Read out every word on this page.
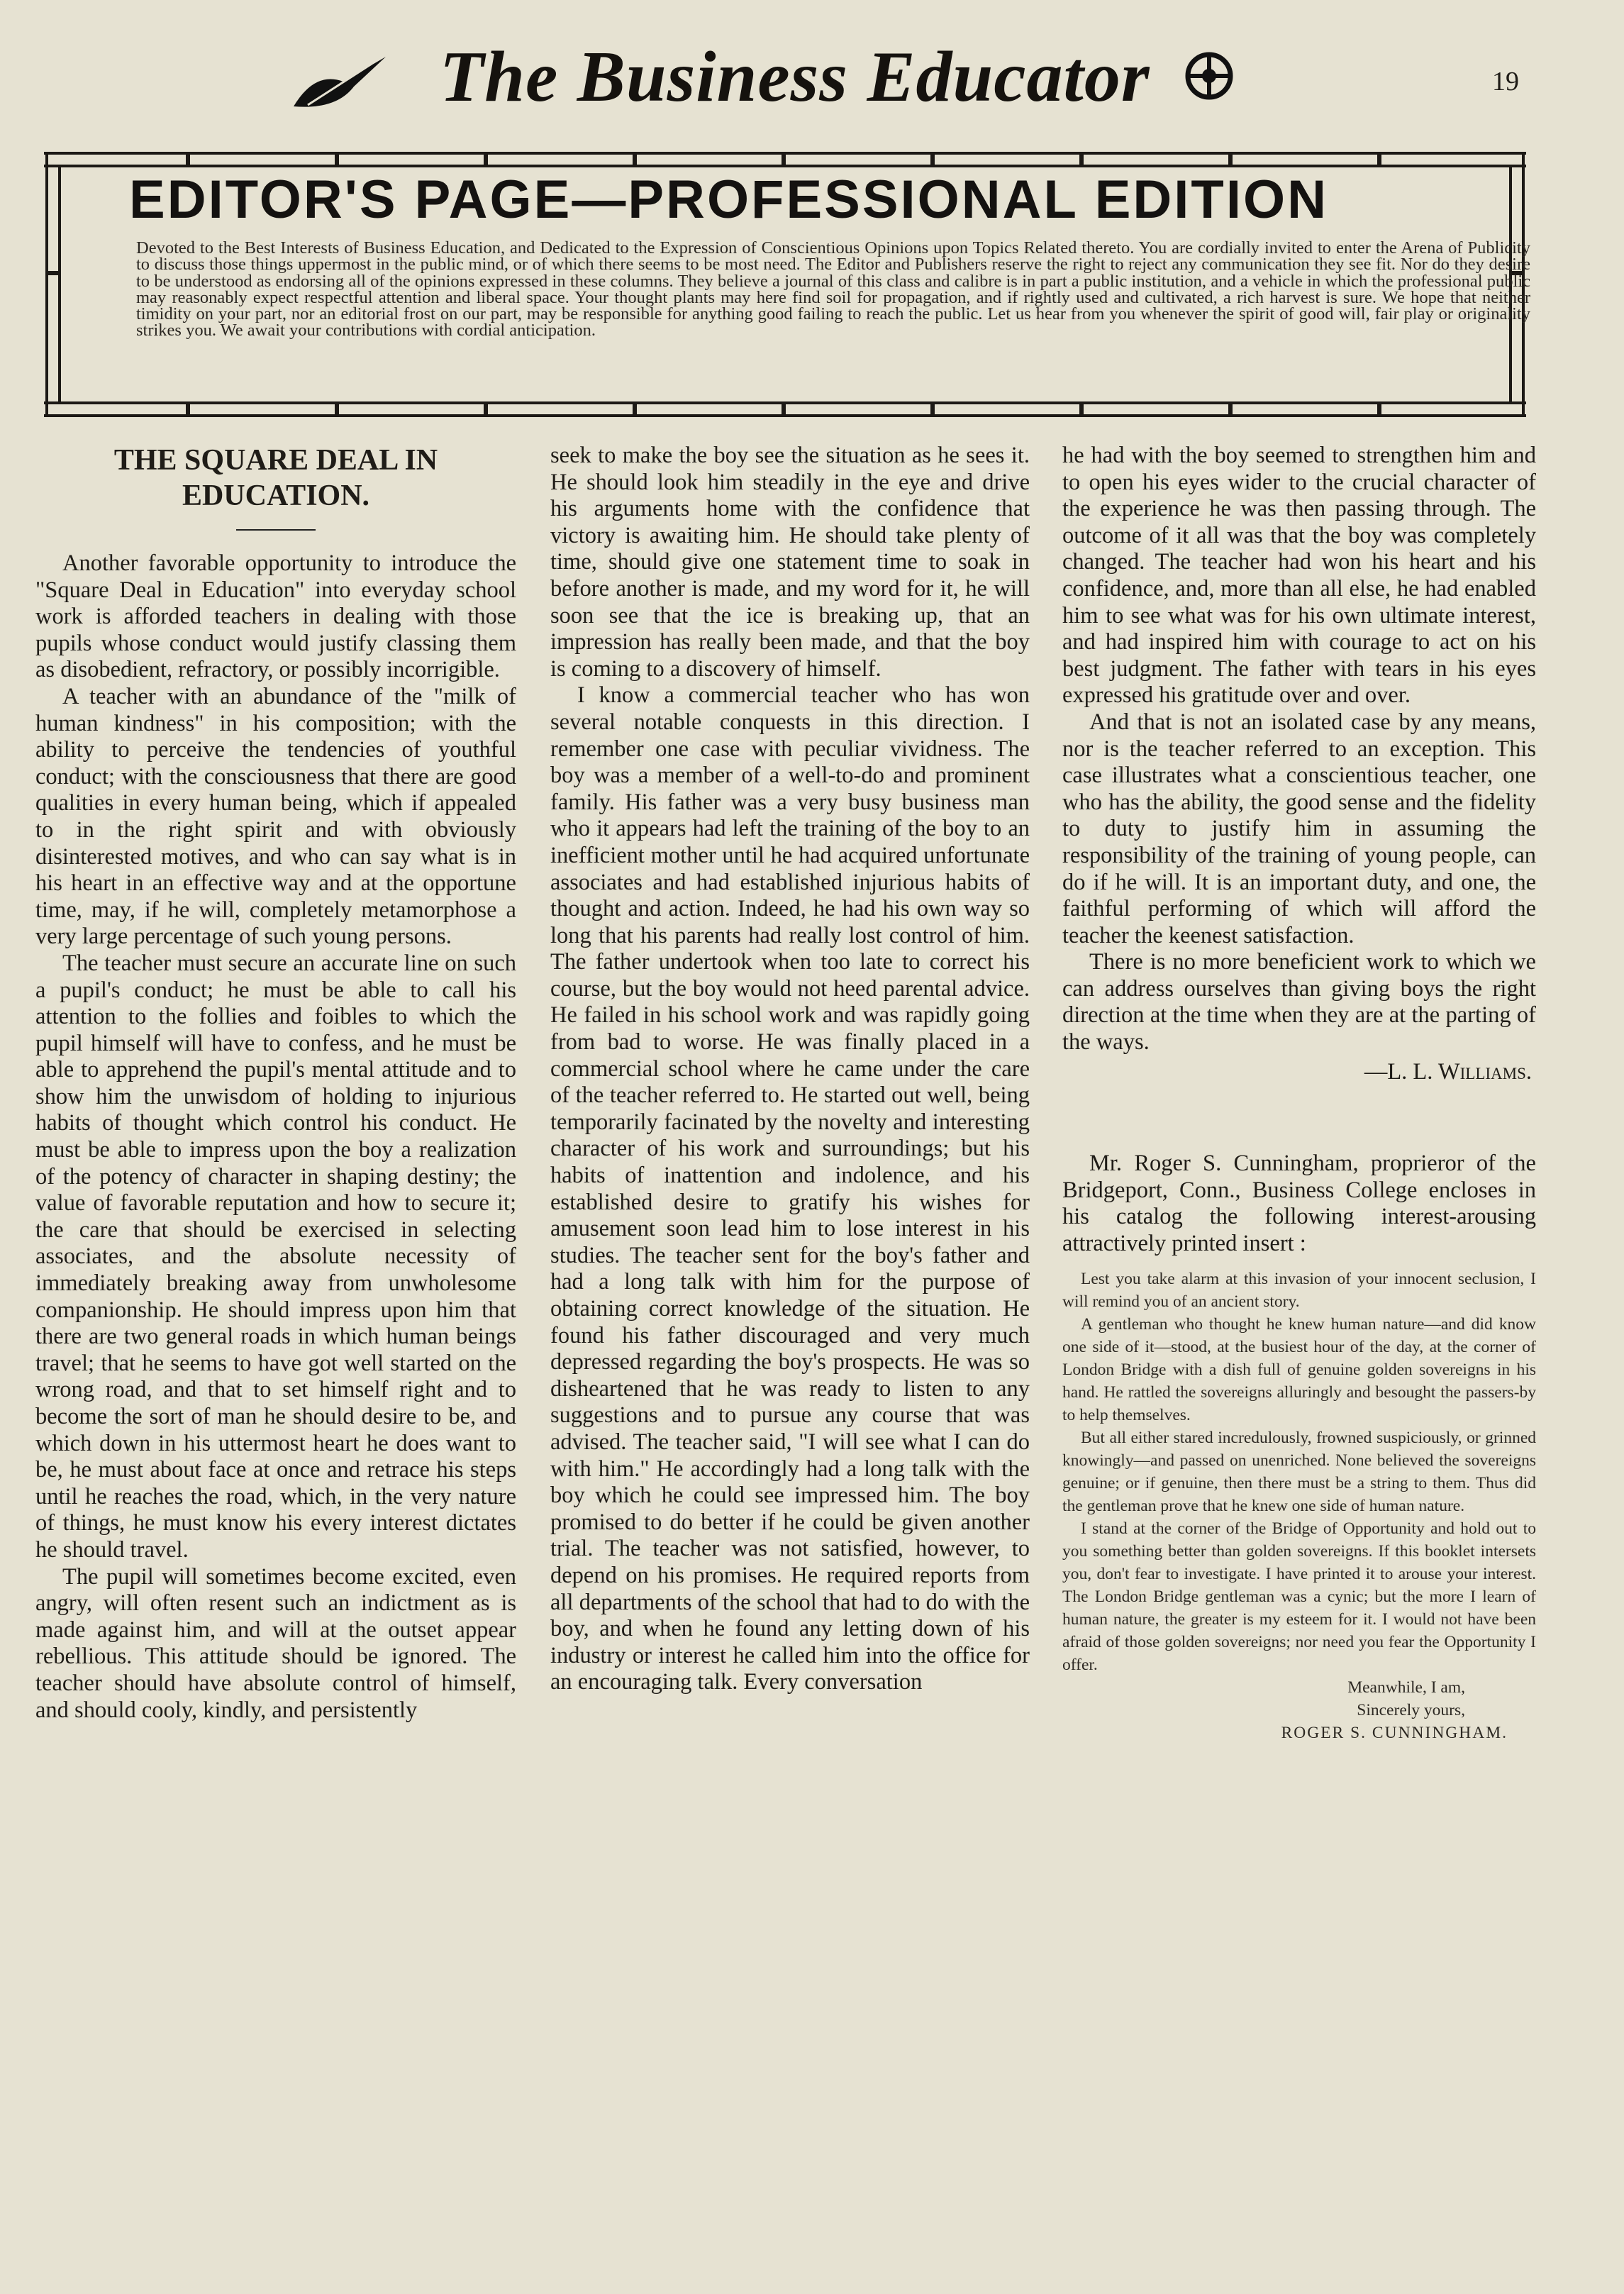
The Business Educator	19
EDITOR'S PAGE—PROFESSIONAL EDITION
Devoted to the Best Interests of Business Education, and Dedicated to the Expression of Conscientious Opinions upon Topics Related thereto. You are cordially invited to enter the Arena of Publicity to discuss those things uppermost in the public mind, or of which there seems to be most need. The Editor and Publishers reserve the right to reject any communication they see fit. Nor do they desire to be understood as endorsing all of the opinions expressed in these columns. They believe a journal of this class and calibre is in part a public institution, and a vehicle in which the professional public may reasonably expect respectful attention and liberal space. Your thought plants may here find soil for propagation, and if rightly used and cultivated, a rich harvest is sure. We hope that neither timidity on your part, nor an editorial frost on our part, may be responsible for anything good failing to reach the public. Let us hear from you whenever the spirit of good will, fair play or originality strikes you. We await your contributions with cordial anticipation.
THE SQUARE DEAL IN EDUCATION.

Another favorable opportunity to introduce the "Square Deal in Education" into everyday school work is afforded teachers in dealing with those pupils whose conduct would justify classing them as disobedient, refractory, or possibly incorrigible.

A teacher with an abundance of the "milk of human kindness" in his composition; with the ability to perceive the tendencies of youthful conduct; with the consciousness that there are good qualities in every human being, which if appealed to in the right spirit and with obviously disinterested motives, and who can say what is in his heart in an effective way and at the opportune time, may, if he will, completely metamorphose a very large percentage of such young persons.

The teacher must secure an accurate line on such a pupil's conduct; he must be able to call his attention to the follies and foibles to which the pupil himself will have to confess, and he must be able to apprehend the pupil's mental attitude and to show him the unwisdom of holding to injurious habits of thought which control his conduct. He must be able to impress upon the boy a realization of the potency of character in shaping destiny; the value of favorable reputation and how to secure it; the care that should be exercised in selecting associates, and the absolute necessity of immediately breaking away from unwholesome companionship. He should impress upon him that there are two general roads in which human beings travel; that he seems to have got well started on the wrong road, and that to set himself right and to become the sort of man he should desire to be, and which down in his uttermost heart he does want to be, he must about face at once and retrace his steps until he reaches the road, which, in the very nature of things, he must know his every interest dictates he should travel.

The pupil will sometimes become excited, even angry, will often resent such an indictment as is made against him, and will at the outset appear rebellious. This attitude should be ignored. The teacher should have absolute control of himself, and should cooly, kindly, and persistently

seek to make the boy see the situation as he sees it. He should look him steadily in the eye and drive his arguments home with the confidence that victory is awaiting him. He should take plenty of time, should give one statement time to soak in before another is made, and my word for it, he will soon see that the ice is breaking up, that an impression has really been made, and that the boy is coming to a discovery of himself.

I know a commercial teacher who has won several notable conquests in this direction. I remember one case with peculiar vividness. The boy was a member of a well-to-do and prominent family. His father was a very busy business man who it appears had left the training of the boy to an inefficient mother until he had acquired unfortunate associates and had established injurious habits of thought and action. Indeed, he had his own way so long that his parents had really lost control of him. The father undertook when too late to correct his course, but the boy would not heed parental advice. He failed in his school work and was rapidly going from bad to worse. He was finally placed in a commercial school where he came under the care of the teacher referred to. He started out well, being temporarily facinated by the novelty and interesting character of his work and surroundings; but his habits of inattention and indolence, and his established desire to gratify his wishes for amusement soon lead him to lose interest in his studies. The teacher sent for the boy's father and had a long talk with him for the purpose of obtaining correct knowledge of the situation. He found his father discouraged and very much depressed regarding the boy's prospects. He was so disheartened that he was ready to listen to any suggestions and to pursue any course that was advised. The teacher said, "I will see what I can do with him." He accordingly had a long talk with the boy which he could see impressed him. The boy promised to do better if he could be given another trial. The teacher was not satisfied, however, to depend on his promises. He required reports from all departments of the school that had to do with the boy, and when he found any letting down of his industry or interest he called him into the office for an encouraging talk. Every conversation

he had with the boy seemed to strengthen him and to open his eyes wider to the crucial character of the experience he was then passing through. The outcome of it all was that the boy was completely changed. The teacher had won his heart and his confidence, and, more than all else, he had enabled him to see what was for his own ultimate interest, and had inspired him with courage to act on his best judgment. The father with tears in his eyes expressed his gratitude over and over.

And that is not an isolated case by any means, nor is the teacher referred to an exception. This case illustrates what a conscientious teacher, one who has the ability, the good sense and the fidelity to duty to justify him in assuming the responsibility of the training of young people, can do if he will. It is an important duty, and one, the faithful performing of which will afford the teacher the keenest satisfaction.

There is no more beneficient work to which we can address ourselves than giving boys the right direction at the time when they are at the parting of the ways.

—L. L. Williams.

Mr. Roger S. Cunningham, proprieror of the Bridgeport, Conn., Business College encloses in his catalog the following interest-arousing attractively printed insert :

Lest you take alarm at this invasion of your innocent seclusion, I will remind you of an ancient story.

A gentleman who thought he knew human nature—and did know one side of it—stood, at the busiest hour of the day, at the corner of London Bridge with a dish full of genuine golden sovereigns in his hand. He rattled the sovereigns alluringly and besought the passers-by to help themselves.

But all either stared incredulously, frowned suspiciously, or grinned knowingly—and passed on unenriched. None believed the sovereigns genuine; or if genuine, then there must be a string to them. Thus did the gentleman prove that he knew one side of human nature.

I stand at the corner of the Bridge of Opportunity and hold out to you something better than golden sovereigns. If this booklet intersets you, don't fear to investigate. I have printed it to arouse your interest. The London Bridge gentleman was a cynic; but the more I learn of human nature, the greater is my esteem for it. I would not have been afraid of those golden sovereigns; nor need you fear the Opportunity I offer.

Meanwhile, I am,

Sincerely yours,

ROGER S. CUNNINGHAM.
